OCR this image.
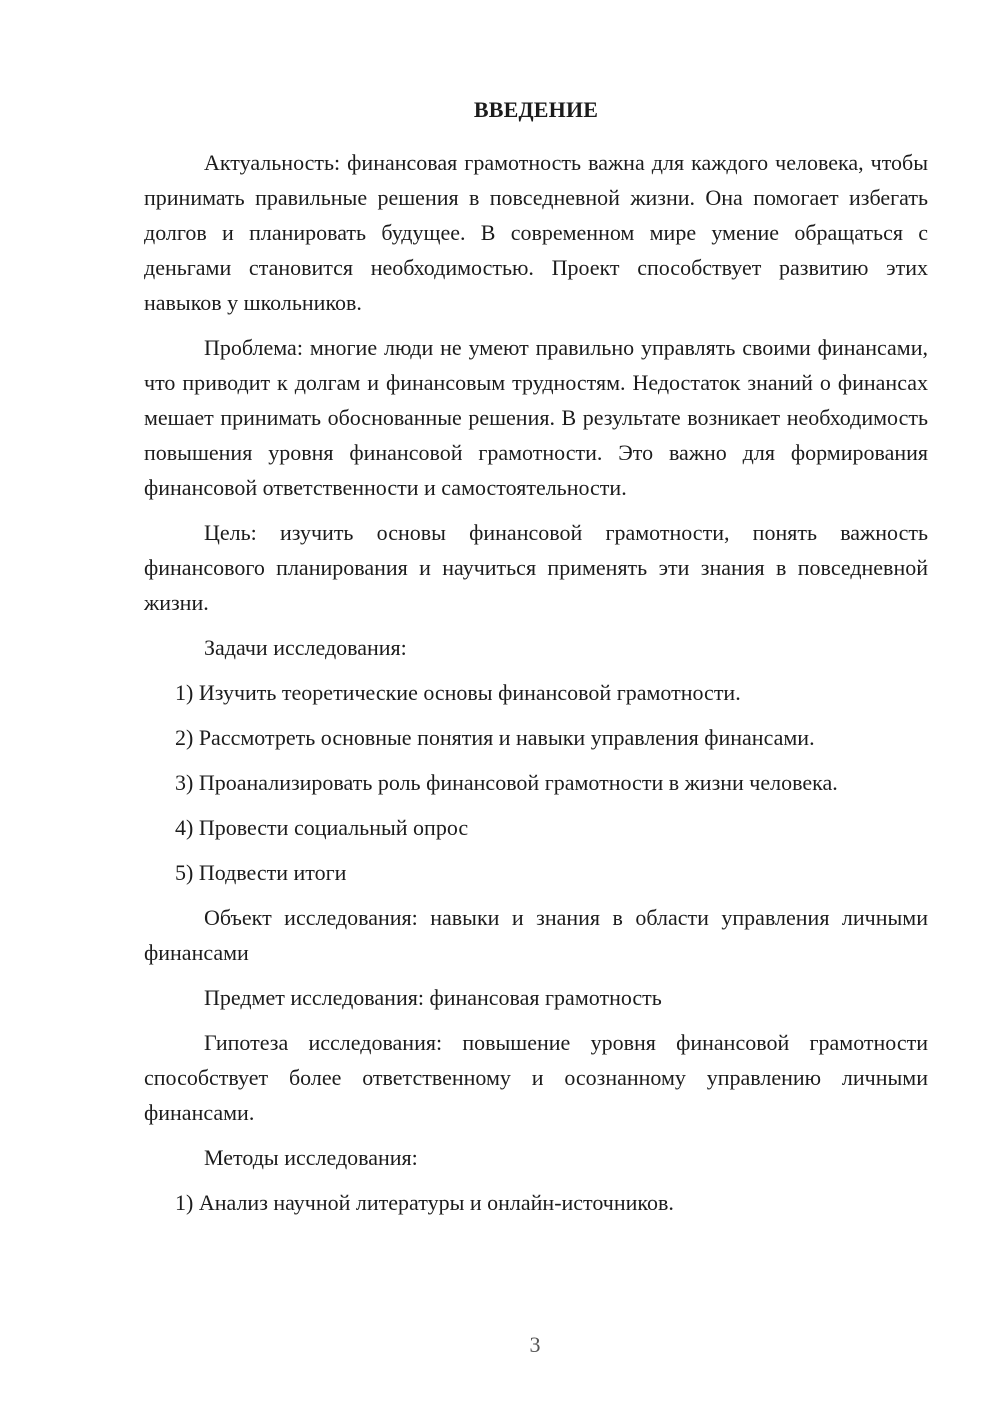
ВВЕДЕНИЕ

Актуальность: финансовая грамотность важна для каждого человека, чтобы принимать правильные решения в повседневной жизни. Она помогает избегать долгов и планировать будущее. В современном мире умение обращаться с деньгами становится необходимостью. Проект способствует развитию этих навыков у школьников.

Проблема: многие люди не умеют правильно управлять своими финансами, что приводит к долгам и финансовым трудностям. Недостаток знаний о финансах мешает принимать обоснованные решения. В результате возникает необходимость повышения уровня финансовой грамотности. Это важно для формирования финансовой ответственности и самостоятельности.

Цель: изучить основы финансовой грамотности, понять важность финансового планирования и научиться применять эти знания в повседневной жизни.

Задачи исследования:

1) Изучить теоретические основы финансовой грамотности.

2) Рассмотреть основные понятия и навыки управления финансами.

3) Проанализировать роль финансовой грамотности в жизни человека.

4) Провести социальный опрос

5) Подвести итоги

Объект исследования: навыки и знания в области управления личными финансами

Предмет исследования: финансовая грамотность

Гипотеза исследования: повышение уровня финансовой грамотности способствует более ответственному и осознанному управлению личными финансами.

Методы исследования:

1) Анализ научной литературы и онлайн-источников.

3
